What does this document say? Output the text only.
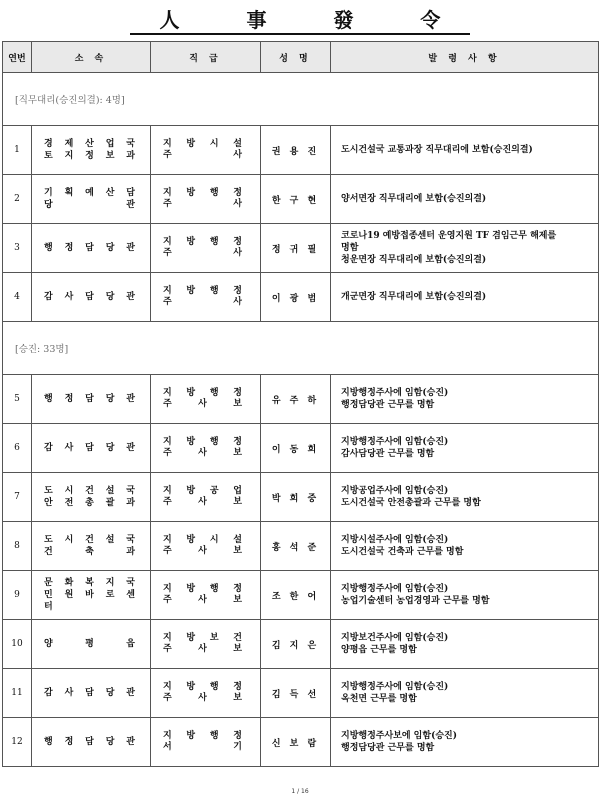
人 事 發 令
연번	소 속	직 급	성 명	발 령 사 항
[직무대리(승진의결): 4명]				
1	경 제 산 업 국
토 지 정 보 과	지 방 시 설
주 사	권 용 진	도시건설국 교통과장 직무대리에 보함(승진의결)

2	기 획 예 산 담 당 관	지 방 행 정
주 사	한 구 현	양서면장 직무대리에 보함(승진의결)

3	행 정 담 당 관	지 방 행 정
주 사	정 귀 필	코로나19 예방접종센터 운영지원 TF 겸임근무 해제를
명함
청운면장 직무대리에 보함(승진의결)

4	감 사 담 당 관	지 방 행 정
주 사	이 광 범	개군면장 직무대리에 보함(승진의결)

[승진: 33명]				
5	행 정 담 당 관	지 방 행 정
주 사 보	유 주 하	지방행정주사에 임함(승진)
행정담당관 근무를 명함

6	감 사 담 당 관	지 방 행 정
주 사 보	이 동 희	지방행정주사에 임함(승진)
감사담당관 근무를 명함

7	도 시 건 설 국
안 전 총 괄 과	지 방 공 업
주 사 보	박 희 중	지방공업주사에 임함(승진)
도시건설국 안전총괄과 근무를 명함

8	도 시 건 설 국
건 축 과	지 방 시 설
주 사 보	홍 석 준	지방시설주사에 임함(승진)
도시건설국 건축과 근무를 명함

9	문 화 복 지 국
민 원 바 로 센 터	지 방 행 정
주 사 보	조 한 어	지방행정주사에 임함(승진)
농업기술센터 농업경영과 근무를 명함

10	양 평 읍	지 방 보 건
주 사 보	김 지 은	지방보건주사에 임함(승진)
양평읍 근무를 명함

11	감 사 담 당 관	지 방 행 정
주 사 보	김 득 선	지방행정주사에 임함(승진)
옥천면 근무를 명함

12	행 정 담 당 관	지 방 행 정
서 기	신 보 람	지방행정주사보에 임함(승진)
행정담당관 근무를 명함
1 / 16
